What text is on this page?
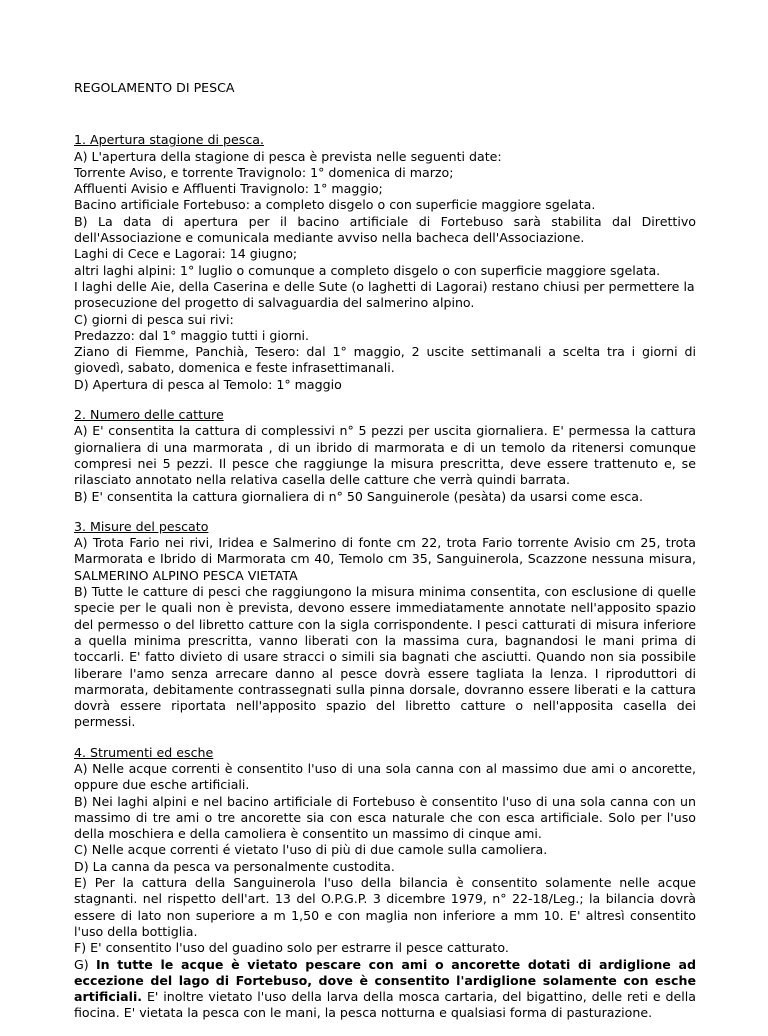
REGOLAMENTO DI PESCA
1. Apertura stagione di pesca.
A) L'apertura della stagione di pesca è prevista nelle seguenti date:
Torrente Aviso, e torrente Travignolo: 1° domenica di marzo;
Affluenti Avisio e Affluenti Travignolo: 1° maggio;
Bacino artificiale Fortebuso: a completo disgelo o con superficie maggiore sgelata.
B) La data di apertura per il bacino artificiale di Fortebuso sarà stabilita dal Direttivo dell'Associazione e comunicala mediante avviso nella bacheca dell'Associazione.
Laghi di Cece e Lagorai: 14 giugno;
altri laghi alpini: 1° luglio o comunque a completo disgelo o con superficie maggiore sgelata.
I laghi delle Aie, della Caserina e delle Sute (o laghetti di Lagorai) restano chiusi per permettere la prosecuzione del progetto di salvaguardia del salmerino alpino.
C) giorni di pesca sui rivi:
Predazzo: dal 1° maggio tutti i giorni.
Ziano di Fiemme, Panchià, Tesero: dal 1° maggio, 2 uscite settimanali a scelta tra i giorni di giovedì, sabato, domenica e feste infrasettimanali.
D) Apertura di pesca al Temolo: 1° maggio
2. Numero delle catture
A) E' consentita la cattura di complessivi n° 5 pezzi per uscita giornaliera. E' permessa la cattura giornaliera di una marmorata , di un ibrido di marmorata e di un temolo da ritenersi comunque compresi nei 5 pezzi. Il pesce che raggiunge la misura prescritta, deve essere trattenuto e, se rilasciato annotato nella relativa casella delle catture che verrà quindi barrata.
B) E' consentita la cattura giornaliera di n° 50 Sanguinerole (pesàta) da usarsi come esca.
3. Misure del pescato
A) Trota Fario nei rivi, Iridea e Salmerino di fonte cm 22, trota Fario torrente Avisio cm 25, trota Marmorata e Ibrido di Marmorata cm 40, Temolo cm 35, Sanguinerola, Scazzone nessuna misura, SALMERINO ALPINO PESCA VIETATA
B) Tutte le catture di pesci che raggiungono la misura minima consentita, con esclusione di quelle specie per le quali non è prevista, devono essere immediatamente annotate nell'apposito spazio del permesso o del libretto catture con la sigla corrispondente. I pesci catturati di misura inferiore a quella minima prescritta, vanno liberati con la massima cura, bagnandosi le mani prima di toccarli. E' fatto divieto di usare stracci o simili sia bagnati che asciutti. Quando non sia possibile liberare l'amo senza arrecare danno al pesce dovrà essere tagliata la lenza. I riproduttori di marmorata, debitamente contrassegnati sulla pinna dorsale, dovranno essere liberati e la cattura dovrà essere riportata nell'apposito spazio del libretto catture o nell'apposita casella dei permessi.
4. Strumenti ed esche
A) Nelle acque correnti è consentito l'uso di una sola canna con al massimo due ami o ancorette, oppure due esche artificiali.
B) Nei laghi alpini e nel bacino artificiale di Fortebuso è consentito l'uso di una sola canna con un massimo di tre ami o tre ancorette sia con esca naturale che con esca artificiale. Solo per l'uso della moschiera e della camoliera è consentito un massimo di cinque ami.
C) Nelle acque correnti é vietato l'uso di più di due camole sulla camoliera.
D) La canna da pesca va personalmente custodita.
E) Per la cattura della Sanguinerola l'uso della bilancia è consentito solamente nelle acque stagnanti. nel rispetto dell'art. 13 del O.P.G.P. 3 dicembre 1979, n° 22-18/Leg.; la bilancia dovrà essere di lato non superiore a m 1,50 e con maglia non inferiore a mm 10. E' altresì consentito l'uso della bottiglia.
F) E' consentito l'uso del guadino solo per estrarre il pesce catturato.
G) In tutte le acque è vietato pescare con ami o ancorette dotati di ardiglione ad eccezione del lago di Fortebuso, dove è consentito l'ardiglione solamente con esche artificiali. E' inoltre vietato l'uso della larva della mosca cartaria, del bigattino, delle reti e della fiocina. E' vietata la pesca con le mani, la pesca notturna e qualsiasi forma di pasturazione.
